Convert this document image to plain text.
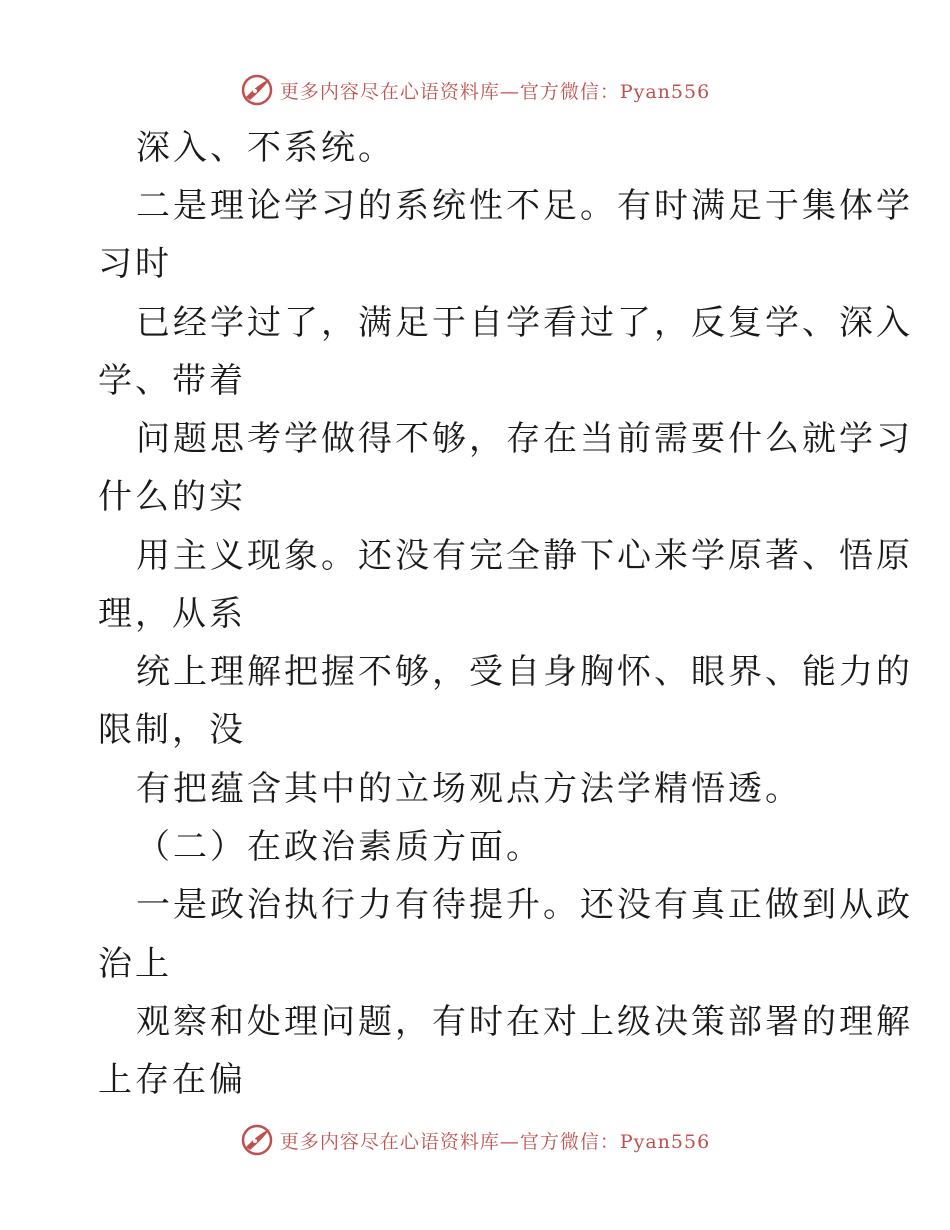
更多内容尽在心语资料库—官方微信：Pyan556
深入、不系统。
二是理论学习的系统性不足。有时满足于集体学
习时
已经学过了，满足于自学看过了，反复学、深入
学、带着
问题思考学做得不够，存在当前需要什么就学习
什么的实
用主义现象。还没有完全静下心来学原著、悟原
理，从系
统上理解把握不够，受自身胸怀、眼界、能力的
限制，没
有把蕴含其中的立场观点方法学精悟透。
（二）在政治素质方面。
一是政治执行力有待提升。还没有真正做到从政
治上
观察和处理问题，有时在对上级决策部署的理解
上存在偏
更多内容尽在心语资料库—官方微信：Pyan556
